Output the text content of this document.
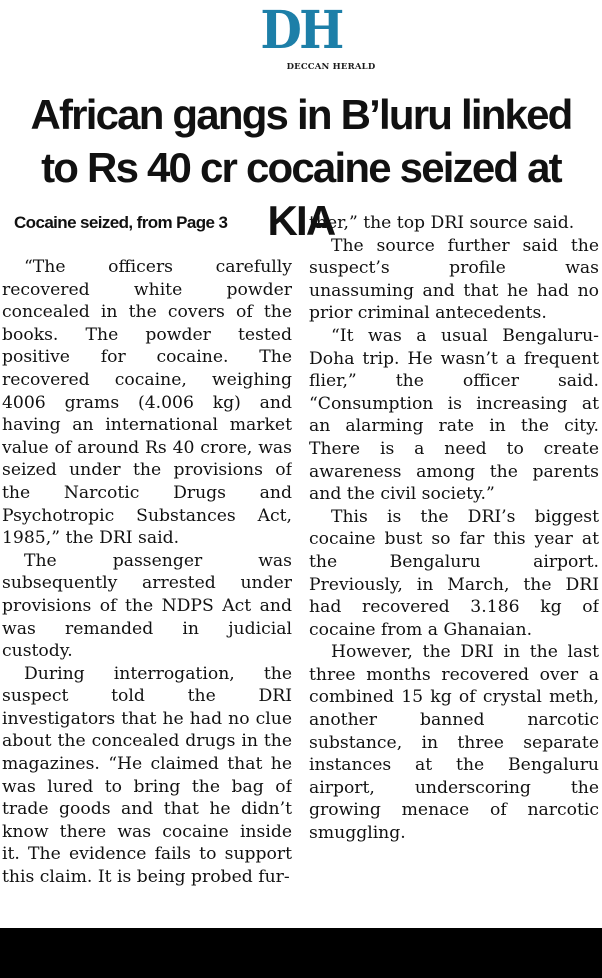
DH
DECCAN HERALD
African gangs in B’luru linked to Rs 40 cr cocaine seized at KIA
Cocaine seized, from Page 3

“The officers carefully recovered white powder concealed in the covers of the books. The powder tested positive for cocaine. The recovered cocaine, weighing 4006 grams (4.006 kg) and having an international market value of around Rs 40 crore, was seized under the provisions of the Narcotic Drugs and Psychotropic Substances Act, 1985,” the DRI said.

The passenger was subsequently arrested under provisions of the NDPS Act and was remanded in judicial custody.

During interrogation, the suspect told the DRI investigators that he had no clue about the concealed drugs in the magazines. “He claimed that he was lured to bring the bag of trade goods and that he didn’t know there was cocaine inside it. The evidence fails to support this claim. It is being probed fur-

ther,” the top DRI source said.

The source further said the suspect’s profile was unassuming and that he had no prior criminal antecedents.

“It was a usual Bengaluru-Doha trip. He wasn’t a frequent flier,” the officer said. “Consumption is increasing at an alarming rate in the city. There is a need to create awareness among the parents and the civil society.”

This is the DRI’s biggest cocaine bust so far this year at the Bengaluru airport. Previously, in March, the DRI had recovered 3.186 kg of cocaine from a Ghanaian.

However, the DRI in the last three months recovered over a combined 15 kg of crystal meth, another banned narcotic substance, in three separate instances at the Bengaluru airport, underscoring the growing menace of narcotic smuggling.
